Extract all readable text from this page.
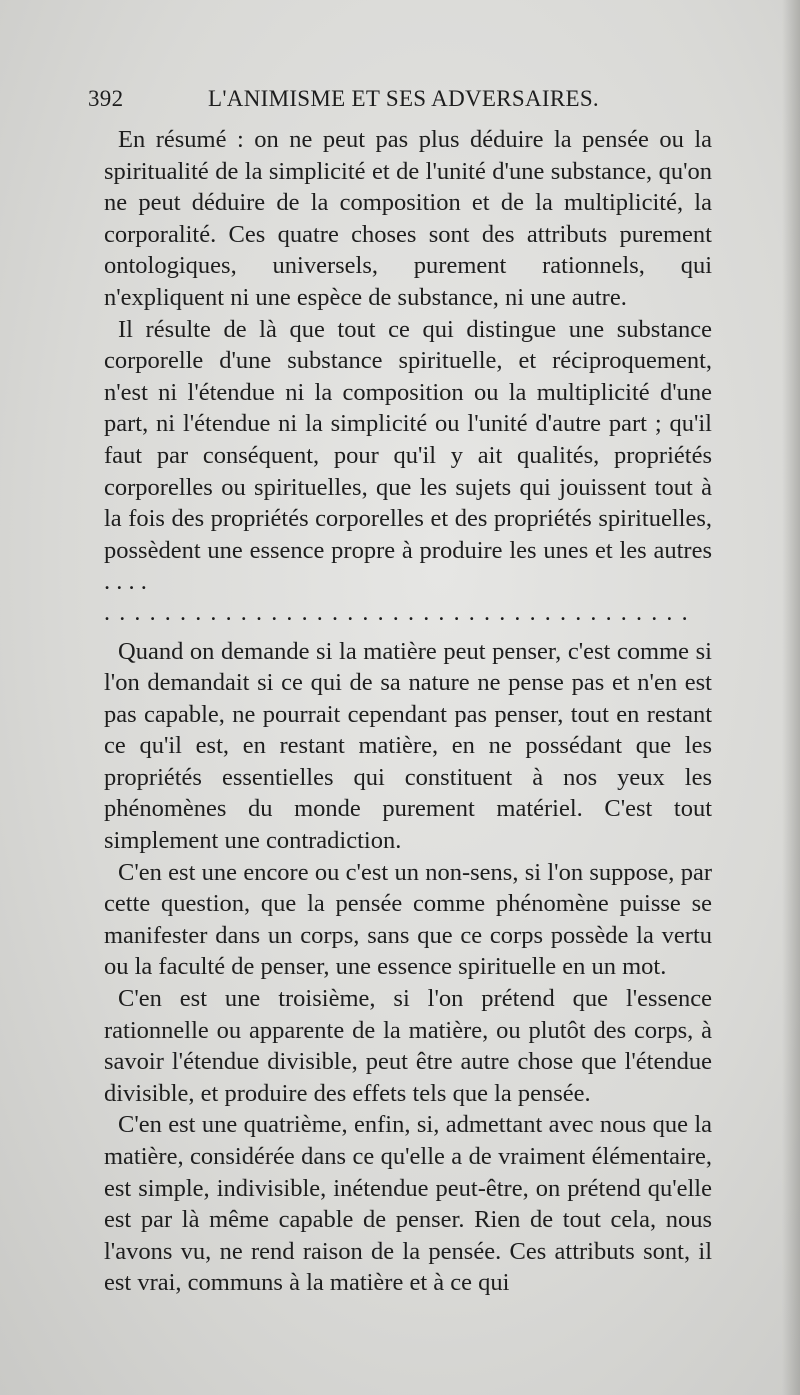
392	L'ANIMISME ET SES ADVERSAIRES.

En résumé : on ne peut pas plus déduire la pensée ou la spiritualité de la simplicité et de l'unité d'une substance, qu'on ne peut déduire de la composition et de la multiplicité, la corporalité. Ces quatre choses sont des attributs purement ontologiques, universels, purement rationnels, qui n'expliquent ni une espèce de substance, ni une autre.

Il résulte de là que tout ce qui distingue une substance corporelle d'une substance spirituelle, et réciproquement, n'est ni l'étendue ni la composition ou la multiplicité d'une part, ni l'étendue ni la simplicité ou l'unité d'autre part ; qu'il faut par conséquent, pour qu'il y ait qualités, propriétés corporelles ou spirituelles, que les sujets qui jouissent tout à la fois des propriétés corporelles et des propriétés spirituelles, possèdent une essence propre à produire les unes et les autres . . . .

.......................................

Quand on demande si la matière peut penser, c'est comme si l'on demandait si ce qui de sa nature ne pense pas et n'en est pas capable, ne pourrait cependant pas penser, tout en restant ce qu'il est, en restant matière, en ne possédant que les propriétés essentielles qui constituent à nos yeux les phénomènes du monde purement matériel. C'est tout simplement une contradiction.

C'en est une encore ou c'est un non-sens, si l'on suppose, par cette question, que la pensée comme phénomène puisse se manifester dans un corps, sans que ce corps possède la vertu ou la faculté de penser, une essence spirituelle en un mot.

C'en est une troisième, si l'on prétend que l'essence rationnelle ou apparente de la matière, ou plutôt des corps, à savoir l'étendue divisible, peut être autre chose que l'étendue divisible, et produire des effets tels que la pensée.

C'en est une quatrième, enfin, si, admettant avec nous que la matière, considérée dans ce qu'elle a de vraiment élémentaire, est simple, indivisible, inétendue peut-être, on prétend qu'elle est par là même capable de penser. Rien de tout cela, nous l'avons vu, ne rend raison de la pensée. Ces attributs sont, il est vrai, communs à la matière et à ce qui
